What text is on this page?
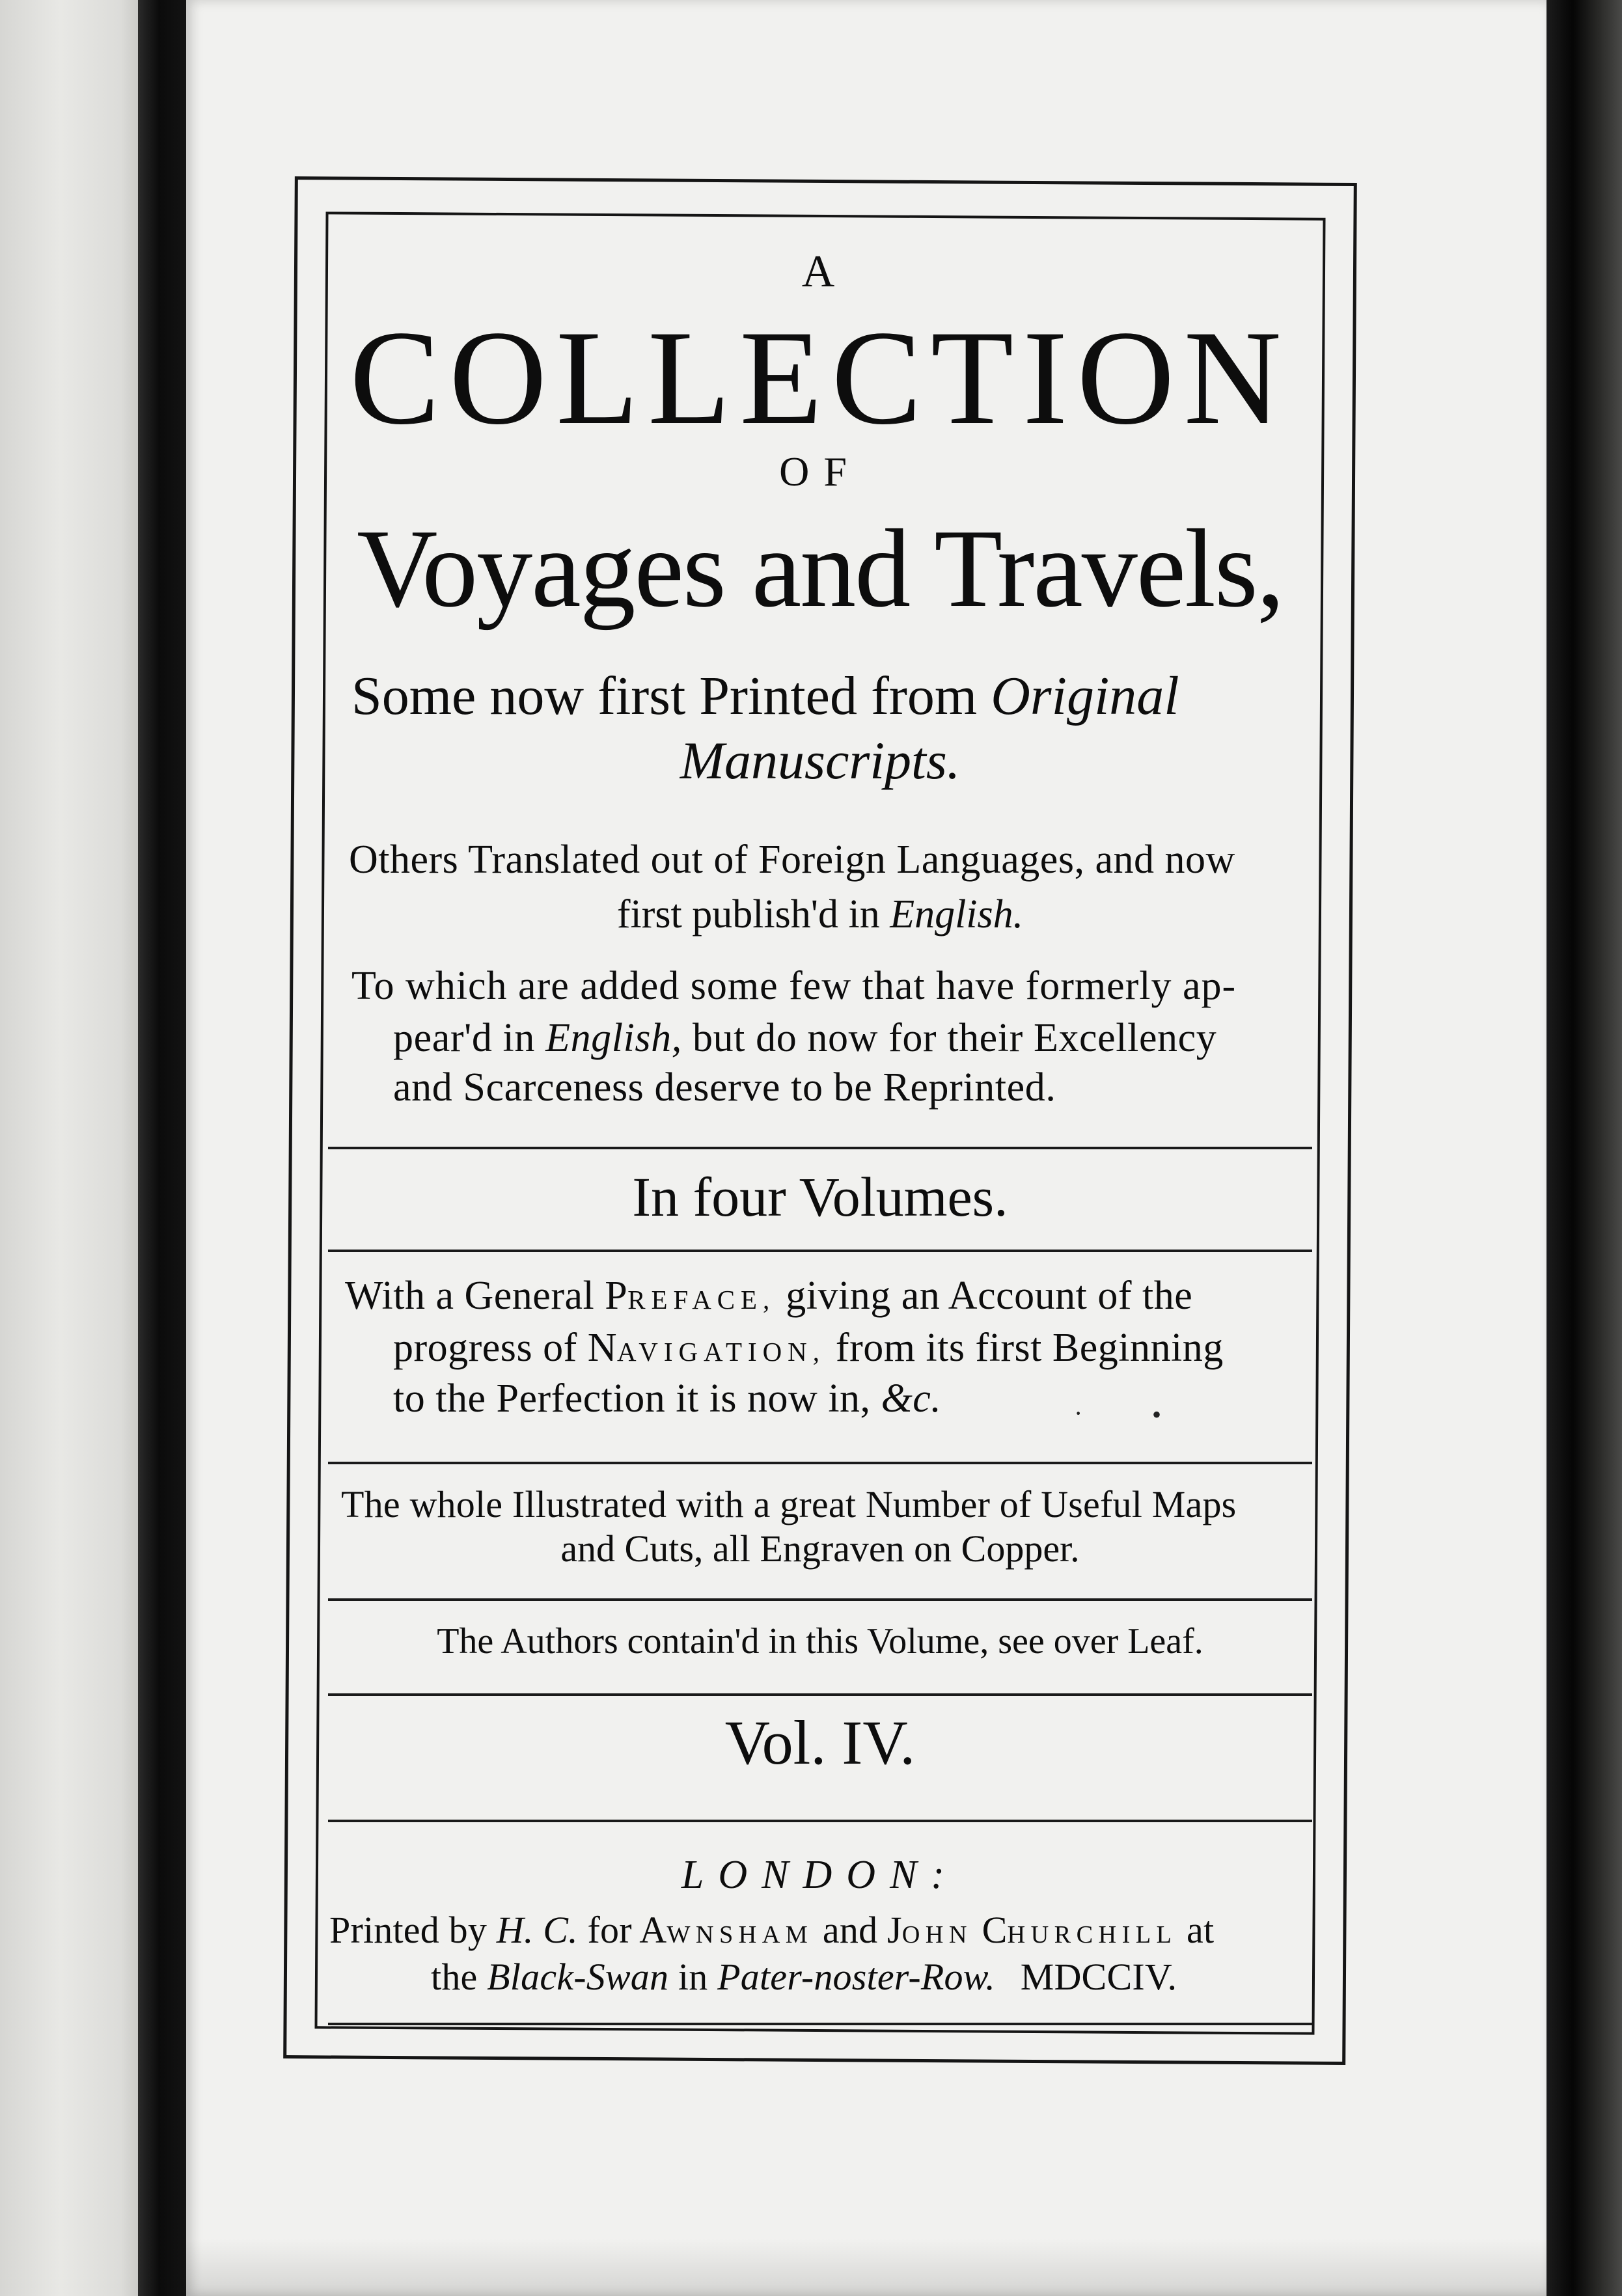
A
COLLECTION
OF
Voyages and Travels,
Some now first Printed from Original
Manuscripts.
Others Translated out of Foreign Languages, and now
first publish'd in English.
To which are added some few that have formerly ap-
pear'd in English, but do now for their Excellency
and Scarceness deserve to be Reprinted.
In four Volumes.
With a General PREFACE, giving an Account of the
progress of NAVIGATION, from its first Beginning
to the Perfection it is now in, &c.	·	•
The whole Illustrated with a great Number of Useful Maps
and Cuts, all Engraven on Copper.
The Authors contain'd in this Volume, see over Leaf.
Vol. IV.
LONDON:
Printed by H. C. for AWNSHAM and JOHN CHURCHILL at
the Black-Swan in Pater-noster-Row. MDCCIV.
